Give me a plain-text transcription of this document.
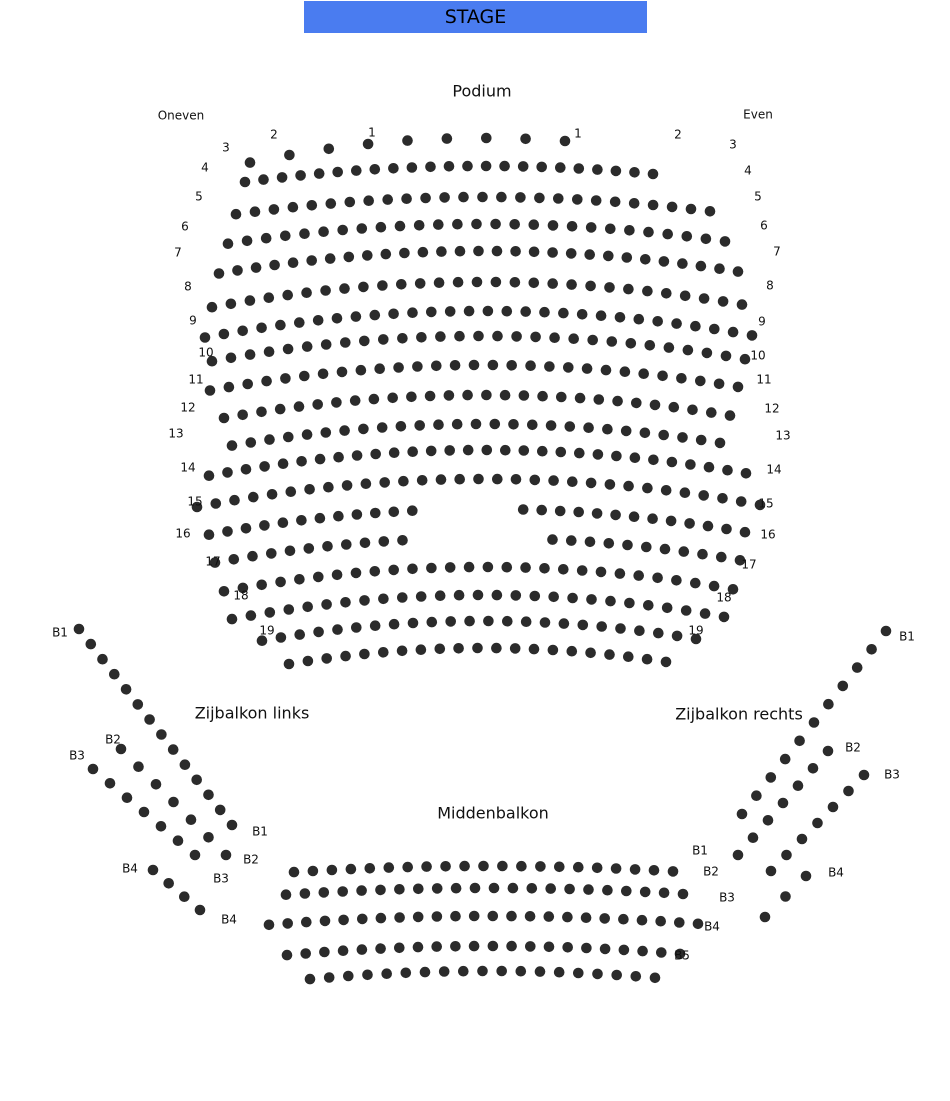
STAGE
1	1
2	2
3	3
4	4
5	5
6	6
7	7
8	8
9	9
10	10
11	11
12	12
13	13
14	14
15	15
16	16
17	17
18	18
19	19
Podium
Oneven	Even
Zijbalkon links
B1
B2
B3
B4
B1
B2
B3
B4
Zijbalkon rechts
B1
B2
B3
B4
Middenbalkon
B1
B2
B3
B4
B5
